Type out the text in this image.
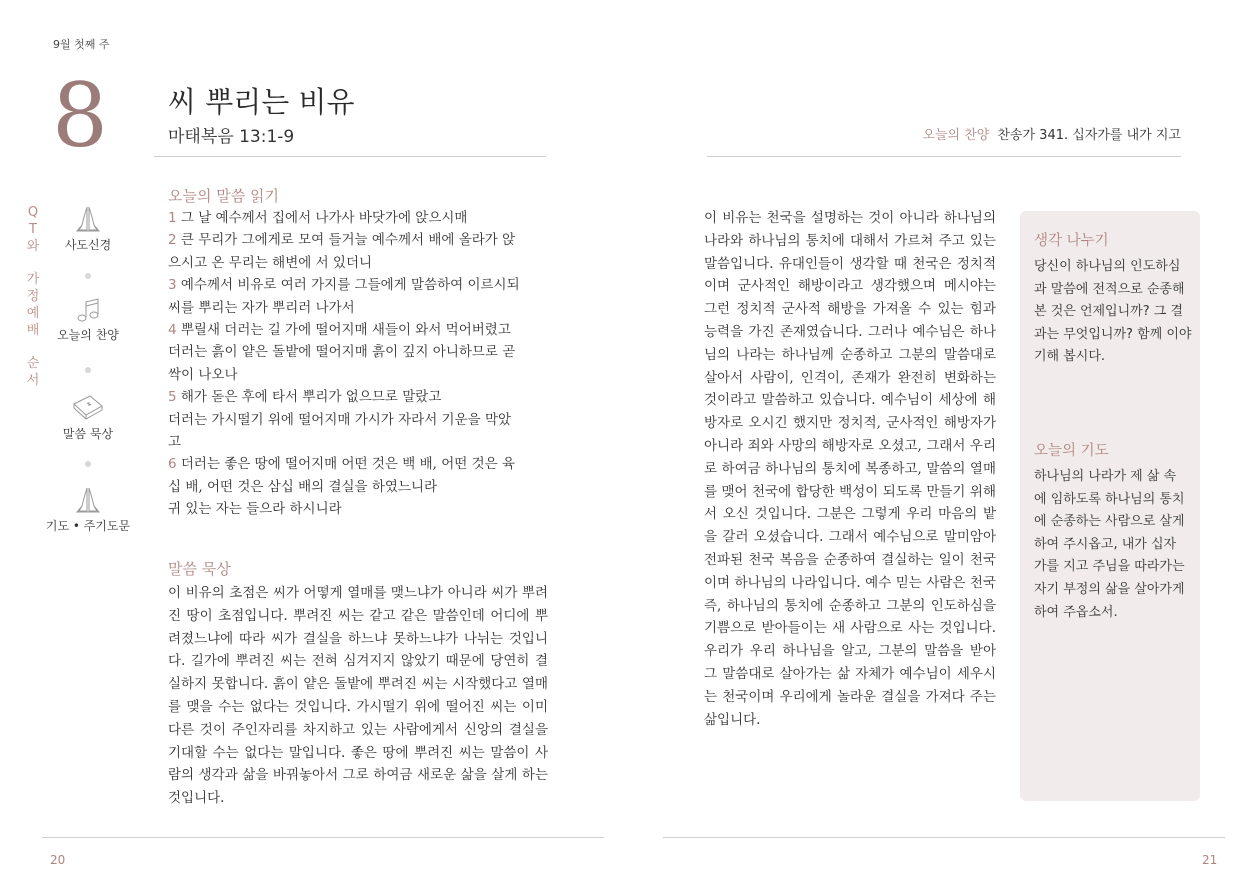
9월 첫째 주
8 씨 뿌리는 비유
마태복음 13:1-9
Q
T
와

가
정
예
배

순
서
사도신경
오늘의 찬양
말씀 묵상
기도 • 주기도문
오늘의 말씀 읽기
1 그 날 예수께서 집에서 나가사 바닷가에 앉으시매
2 큰 무리가 그에게로 모여 들거늘 예수께서 배에 올라가 앉
으시고 온 무리는 해변에 서 있더니
3 예수께서 비유로 여러 가지를 그들에게 말씀하여 이르시되
씨를 뿌리는 자가 뿌리러 나가서
4 뿌릴새 더러는 길 가에 떨어지매 새들이 와서 먹어버렸고
더러는 흙이 얕은 돌밭에 떨어지매 흙이 깊지 아니하므로 곧
싹이 나오나
5 해가 돋은 후에 타서 뿌리가 없으므로 말랐고
더러는 가시떨기 위에 떨어지매 가시가 자라서 기운을 막았
고
6 더러는 좋은 땅에 떨어지매 어떤 것은 백 배, 어떤 것은 육
십 배, 어떤 것은 삼십 배의 결실을 하였느니라
귀 있는 자는 들으라 하시니라
말씀 묵상
이 비유의 초점은 씨가 어떻게 열매를 맺느냐가 아니라 씨가 뿌려진 땅이 초점입니다. 뿌려진 씨는 같고 같은 말씀인데 어디에 뿌려졌느냐에 따라 씨가 결실을 하느냐 못하느냐가 나뉘는 것입니다. 길가에 뿌려진 씨는 전혀 심겨지지 않았기 때문에 당연히 결실하지 못합니다. 흙이 얕은 돌밭에 뿌려진 씨는 시작했다고 열매를 맺을 수는 없다는 것입니다. 가시떨기 위에 떨어진 씨는 이미 다른 것이 주인자리를 차지하고 있는 사람에게서 신앙의 결실을 기대할 수는 없다는 말입니다. 좋은 땅에 뿌려진 씨는 말씀이 사람의 생각과 삶을 바꿔놓아서 그로 하여금 새로운 삶을 살게 하는 것입니다.
20
오늘의 찬양 찬송가 341. 십자가를 내가 지고
이 비유는 천국을 설명하는 것이 아니라 하나님의 나라와 하나님의 통치에 대해서 가르쳐 주고 있는 말씀입니다. 유대인들이 생각할 때 천국은 정치적이며 군사적인 해방이라고 생각했으며 메시야는 그런 정치적 군사적 해방을 가져올 수 있는 힘과 능력을 가진 존재였습니다. 그러나 예수님은 하나님의 나라는 하나님께 순종하고 그분의 말씀대로 살아서 사람이, 인격이, 존재가 완전히 변화하는 것이라고 말씀하고 있습니다. 예수님이 세상에 해방자로 오시긴 했지만 정치적, 군사적인 해방자가 아니라 죄와 사망의 해방자로 오셨고, 그래서 우리로 하여금 하나님의 통치에 복종하고, 말씀의 열매를 맺어 천국에 합당한 백성이 되도록 만들기 위해서 오신 것입니다. 그분은 그렇게 우리 마음의 밭을 갈러 오셨습니다. 그래서 예수님으로 말미암아 전파된 천국 복음을 순종하여 결실하는 일이 천국이며 하나님의 나라입니다. 예수 믿는 사람은 천국 즉, 하나님의 통치에 순종하고 그분의 인도하심을 기쁨으로 받아들이는 새 사람으로 사는 것입니다. 우리가 우리 하나님을 알고, 그분의 말씀을 받아 그 말씀대로 살아가는 삶 자체가 예수님이 세우시는 천국이며 우리에게 놀라운 결실을 가져다 주는 삶입니다.
생각 나누기
당신이 하나님의 인도하심과 말씀에 전적으로 순종해본 것은 언제입니까? 그 결과는 무엇입니까? 함께 이야기해 봅시다.
오늘의 기도
하나님의 나라가 제 삶 속에 임하도록 하나님의 통치에 순종하는 사람으로 살게 하여 주시옵고, 내가 십자가를 지고 주님을 따라가는 자기 부정의 삶을 살아가게 하여 주옵소서.
21
